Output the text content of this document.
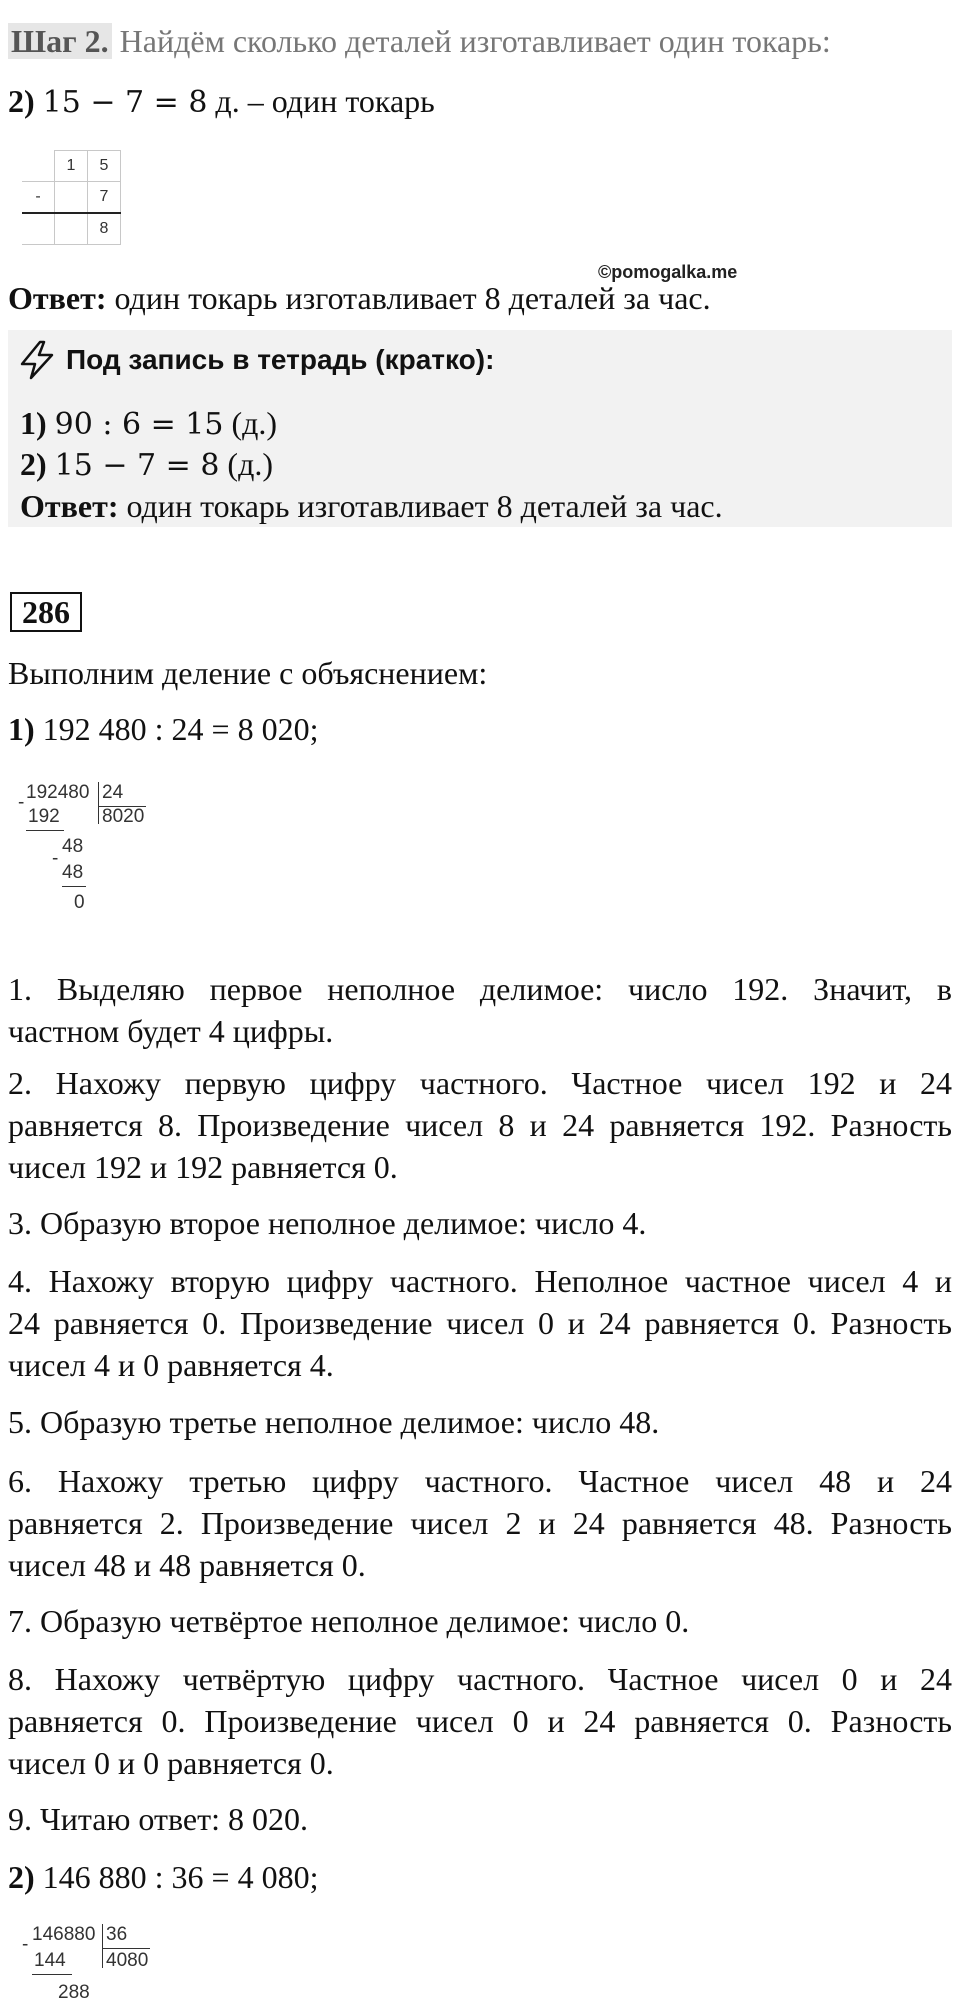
Шаг 2. Найдём сколько деталей изготавливает один токарь:
2) 15 − 7 = 8 д. – один токарь
	1	5
-		7
		8
©pomogalka.me
Ответ: один токарь изготавливает 8 деталей за час.
Под запись в тетрадь (кратко):
1) 90 : 6 = 15 (д.)
2) 15 − 7 = 8 (д.)
Ответ: один токарь изготавливает 8 деталей за час.
286
Выполним деление с объяснением:
1) 192 480 : 24 = 8 020;
192480 24
8020
-
192
48
-
48
0
1. Выделяю первое неполное делимое: число 192. Значит, в
частном будет 4 цифры.
2. Нахожу первую цифру частного. Частное чисел 192 и 24
равняется 8. Произведение чисел 8 и 24 равняется 192. Разность
чисел 192 и 192 равняется 0.
3. Образую второе неполное делимое: число 4.
4. Нахожу вторую цифру частного. Неполное частное чисел 4 и
24 равняется 0. Произведение чисел 0 и 24 равняется 0. Разность
чисел 4 и 0 равняется 4.
5. Образую третье неполное делимое: число 48.
6. Нахожу третью цифру частного. Частное чисел 48 и 24
равняется 2. Произведение чисел 2 и 24 равняется 48. Разность
чисел 48 и 48 равняется 0.
7. Образую четвёртое неполное делимое: число 0.
8. Нахожу четвёртую цифру частного. Частное чисел 0 и 24
равняется 0. Произведение чисел 0 и 24 равняется 0. Разность
чисел 0 и 0 равняется 0.
9. Читаю ответ: 8 020.
2) 146 880 : 36 = 4 080;
146880 36
4080
-
144
288
